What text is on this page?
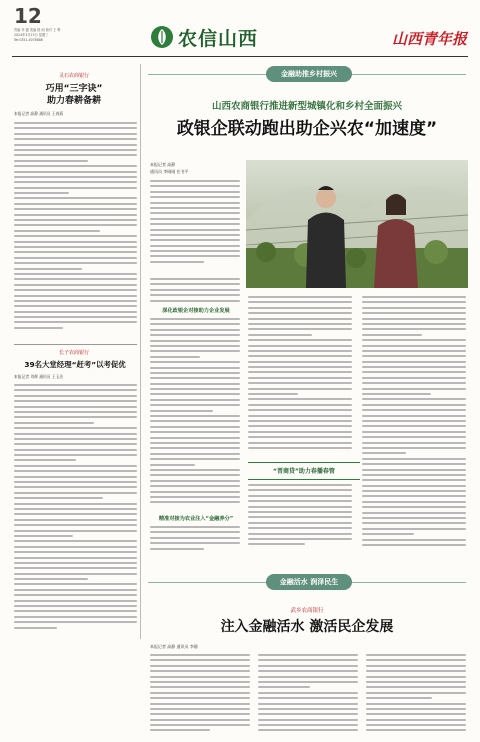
12
责编 乔 蕴 美编 段 雨 校对 王 利
2024年3月13日 星期三
Tel:0351-4078886	农信山西	山西青年报
灵石农商银行
巧用“三字诀”
助力春耕备耕
本报记者 高静 通讯员 王春燕
长子农商银行
39名大堂经理“赶考”以考促优
本报记者 刘辉 通讯员 王玉洁
金融助推乡村振兴
山西农商银行推进新型城镇化和乡村全面振兴
政银企联动跑出助企兴农“加速度”
本报记者 高静
通讯员 李刚刚 任书平
深化政银企对接助力企业发展
精准对接为农业注入“金融养分”
“晋商贷”助力春播春管
金融活水 润泽民生
武乡农商银行
注入金融活水 激活民企发展
本报记者 高静 通讯员 李静
